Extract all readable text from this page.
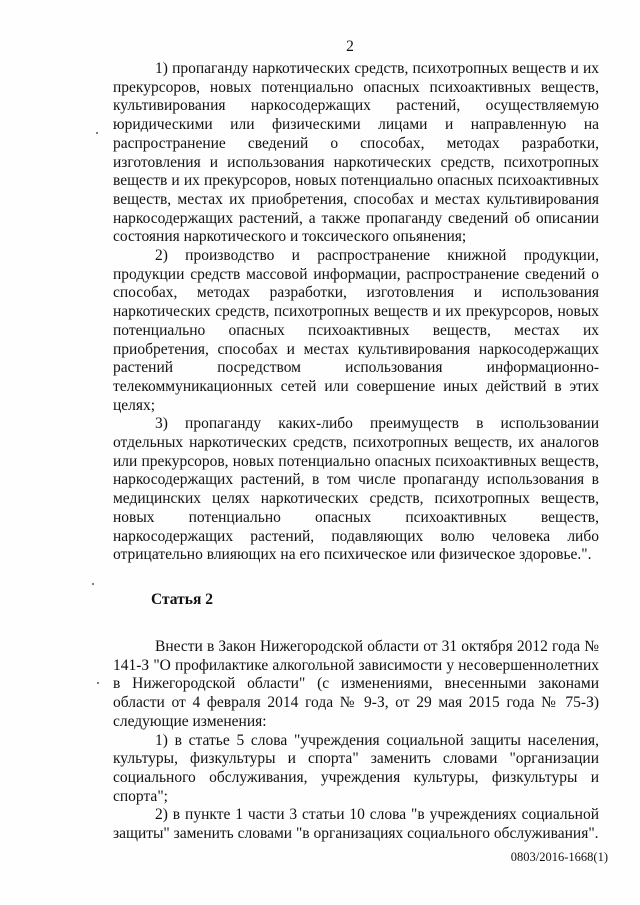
2

1) пропаганду наркотических средств, психотропных веществ и их прекурсоров, новых потенциально опасных психоактивных веществ, культивирования наркосодержащих растений, осуществляемую юридическими или физическими лицами и направленную на распространение сведений о способах, методах разработки, изготовления и использования наркотических средств, психотропных веществ и их прекурсоров, новых потенциально опасных психоактивных веществ, местах их приобретения, способах и местах культивирования наркосодержащих растений, а также пропаганду сведений об описании состояния наркотического и токсического опьянения;

2) производство и распространение книжной продукции, продукции средств массовой информации, распространение сведений о способах, методах разработки, изготовления и использования наркотических средств, психотропных веществ и их прекурсоров, новых потенциально опасных психоактивных веществ, местах их приобретения, способах и местах культивирования наркосодержащих растений посредством использования информационно-телекоммуникационных сетей или совершение иных действий в этих целях;

3) пропаганду каких-либо преимуществ в использовании отдельных наркотических средств, психотропных веществ, их аналогов или прекурсоров, новых потенциально опасных психоактивных веществ, наркосодержащих растений, в том числе пропаганду использования в медицинских целях наркотических средств, психотропных веществ, новых потенциально опасных психоактивных веществ, наркосодержащих растений, подавляющих волю человека либо отрицательно влияющих на его психическое или физическое здоровье.".

Статья 2

Внести в Закон Нижегородской области от 31 октября 2012 года № 141-З "О профилактике алкогольной зависимости у несовершеннолетних в Нижегородской области" (с изменениями, внесенными законами области от 4 февраля 2014 года № 9-З, от 29 мая 2015 года № 75-З) следующие изменения:

1) в статье 5 слова "учреждения социальной защиты населения, культуры, физкультуры и спорта" заменить словами "организации социального обслуживания, учреждения культуры, физкультуры и спорта";

2) в пункте 1 части 3 статьи 10 слова "в учреждениях социальной защиты" заменить словами "в организациях социального обслуживания".

0803/2016-1668(1)
